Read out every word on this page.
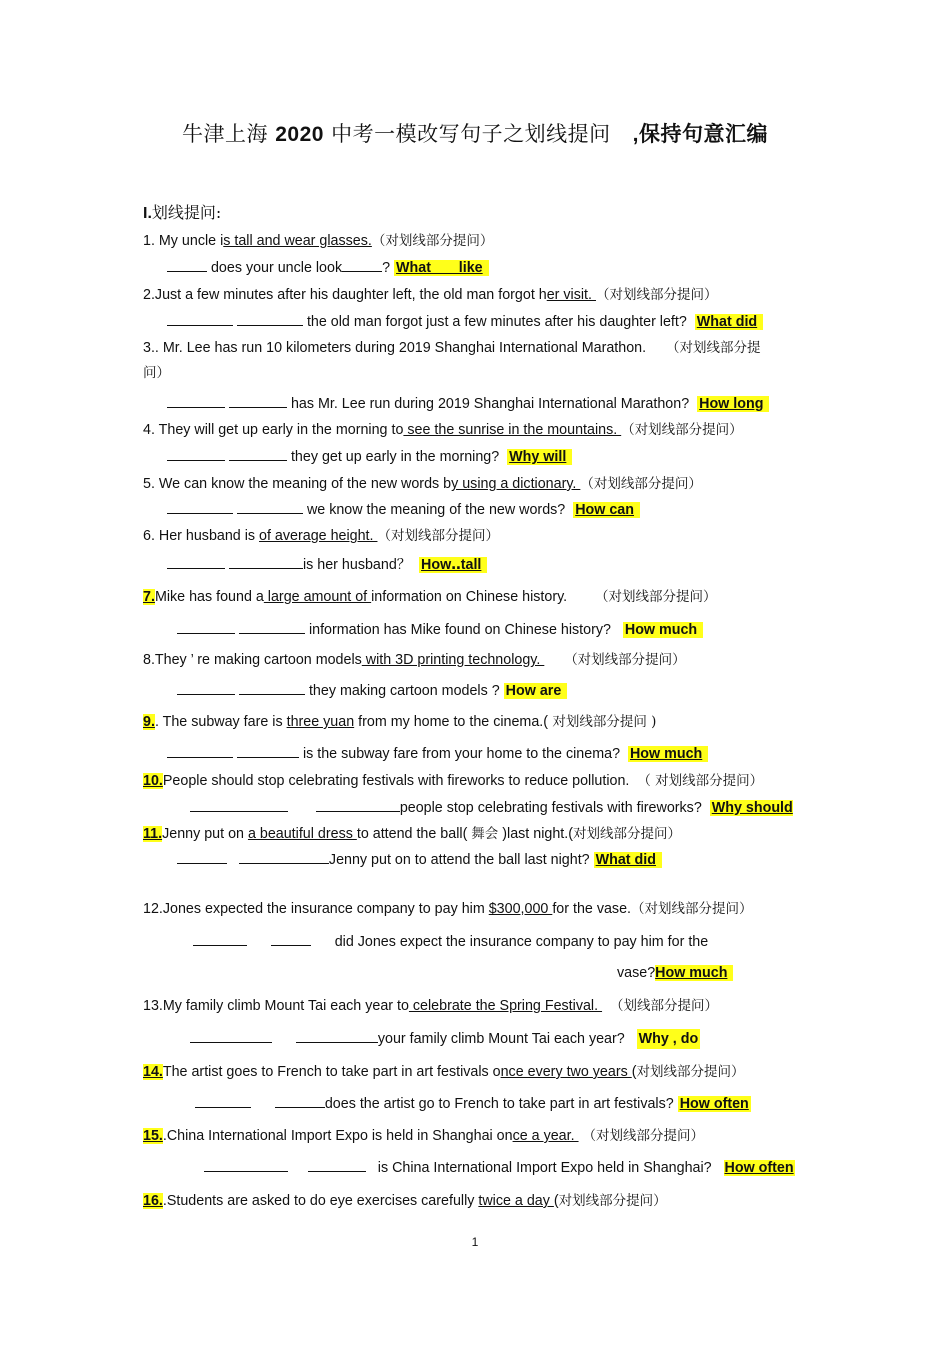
牛津上海 2020 中考一模改写句子之划线提问 ,保持句意汇编
I.划线提问:
1. My uncle is tall and wear glasses.（对划线部分提问）
does your uncle look	? What       like
2.Just a few minutes after his daughter left, the old man forgot her visit. （对划线部分提问）
the old man forgot just a few minutes after his daughter left? What did
3.. Mr. Lee has run 10 kilometers during 2019 Shanghai International Marathon. （对划线部分提
问）
has Mr. Lee run during 2019 Shanghai International Marathon? How long
4. They will get up early in the morning to see the sunrise in the mountains. （对划线部分提问）
they get up early in the morning? Why will
5. We can know the meaning of the new words by using a dictionary. （对划线部分提问）
we know the meaning of the new words? How can
6. Her husband is of average height. （对划线部分提问）
is her husband？ How‥tall
7.Mike has found a large amount of information on Chinese history. （对划线部分提问）
information has Mike found on Chinese history? How much
8.They ’ re making cartoon models with 3D printing technology.      （对划线部分提问）
they making cartoon models ? How are
9.. The subway fare is three yuan from my home to the cinema.( 对划线部分提问 )
is the subway fare from your home to the cinema? How much
10.People should stop celebrating festivals with fireworks to reduce pollution. （ 对划线部分提问）
people stop celebrating festivals with fireworks? Why should
11.Jenny put on a beautiful dress to attend the ball( 舞会 )last night.(对划线部分提问）
Jenny put on to attend the ball last night? What did
12.Jones expected the insurance company to pay him $300,000 for the vase.（对划线部分提问）
did Jones expect the insurance company to pay him for the
vase?How much
13.My family climb Mount Tai each year to celebrate the Spring Festival.   （划线部分提问）
your family climb Mount Tai each year? Why , do
14.The artist goes to French to take part in art festivals once every two years (对划线部分提问）
does the artist go to French to take part in art festivals? How often
15..China International Import Expo is held in Shanghai once a year.  （对划线部分提问）
is China International Import Expo held in Shanghai? How often
16..Students are asked to do eye exercises carefully twice a day (对划线部分提问）
1
